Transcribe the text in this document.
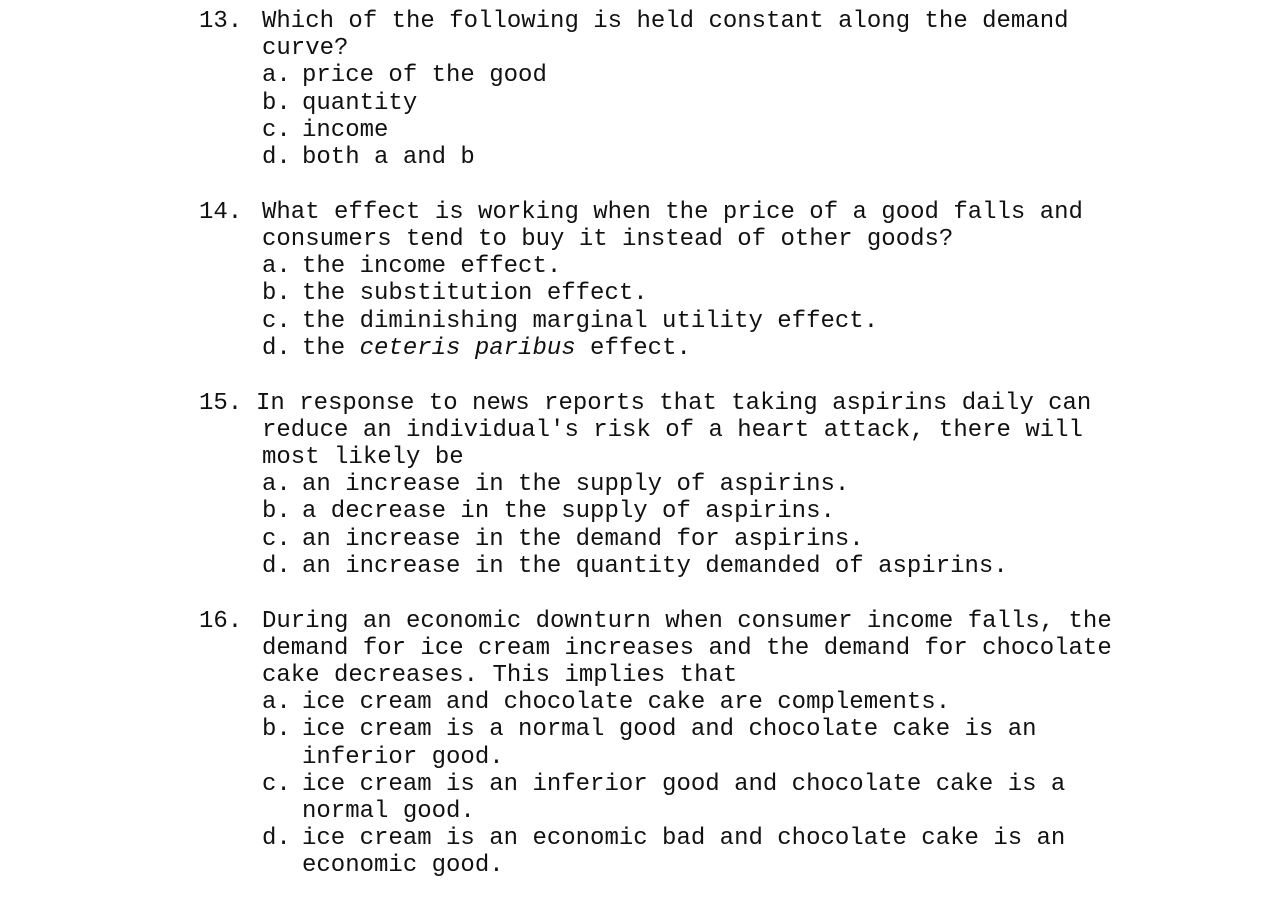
13. Which of the following is held constant along the demand
curve?
a. price of the good
b. quantity
c. income
d. both a and b
14. What effect is working when the price of a good falls and
consumers tend to buy it instead of other goods?
a. the income effect.
b. the substitution effect.
c. the diminishing marginal utility effect.
d. the ceteris paribus effect.
15. In response to news reports that taking aspirins daily can
reduce an individual's risk of a heart attack, there will
most likely be
a. an increase in the supply of aspirins.
b. a decrease in the supply of aspirins.
c. an increase in the demand for aspirins.
d. an increase in the quantity demanded of aspirins.
16. During an economic downturn when consumer income falls, the
demand for ice cream increases and the demand for chocolate
cake decreases. This implies that
a. ice cream and chocolate cake are complements.
b. ice cream is a normal good and chocolate cake is an
inferior good.
c. ice cream is an inferior good and chocolate cake is a
normal good.
d. ice cream is an economic bad and chocolate cake is an
economic good.
